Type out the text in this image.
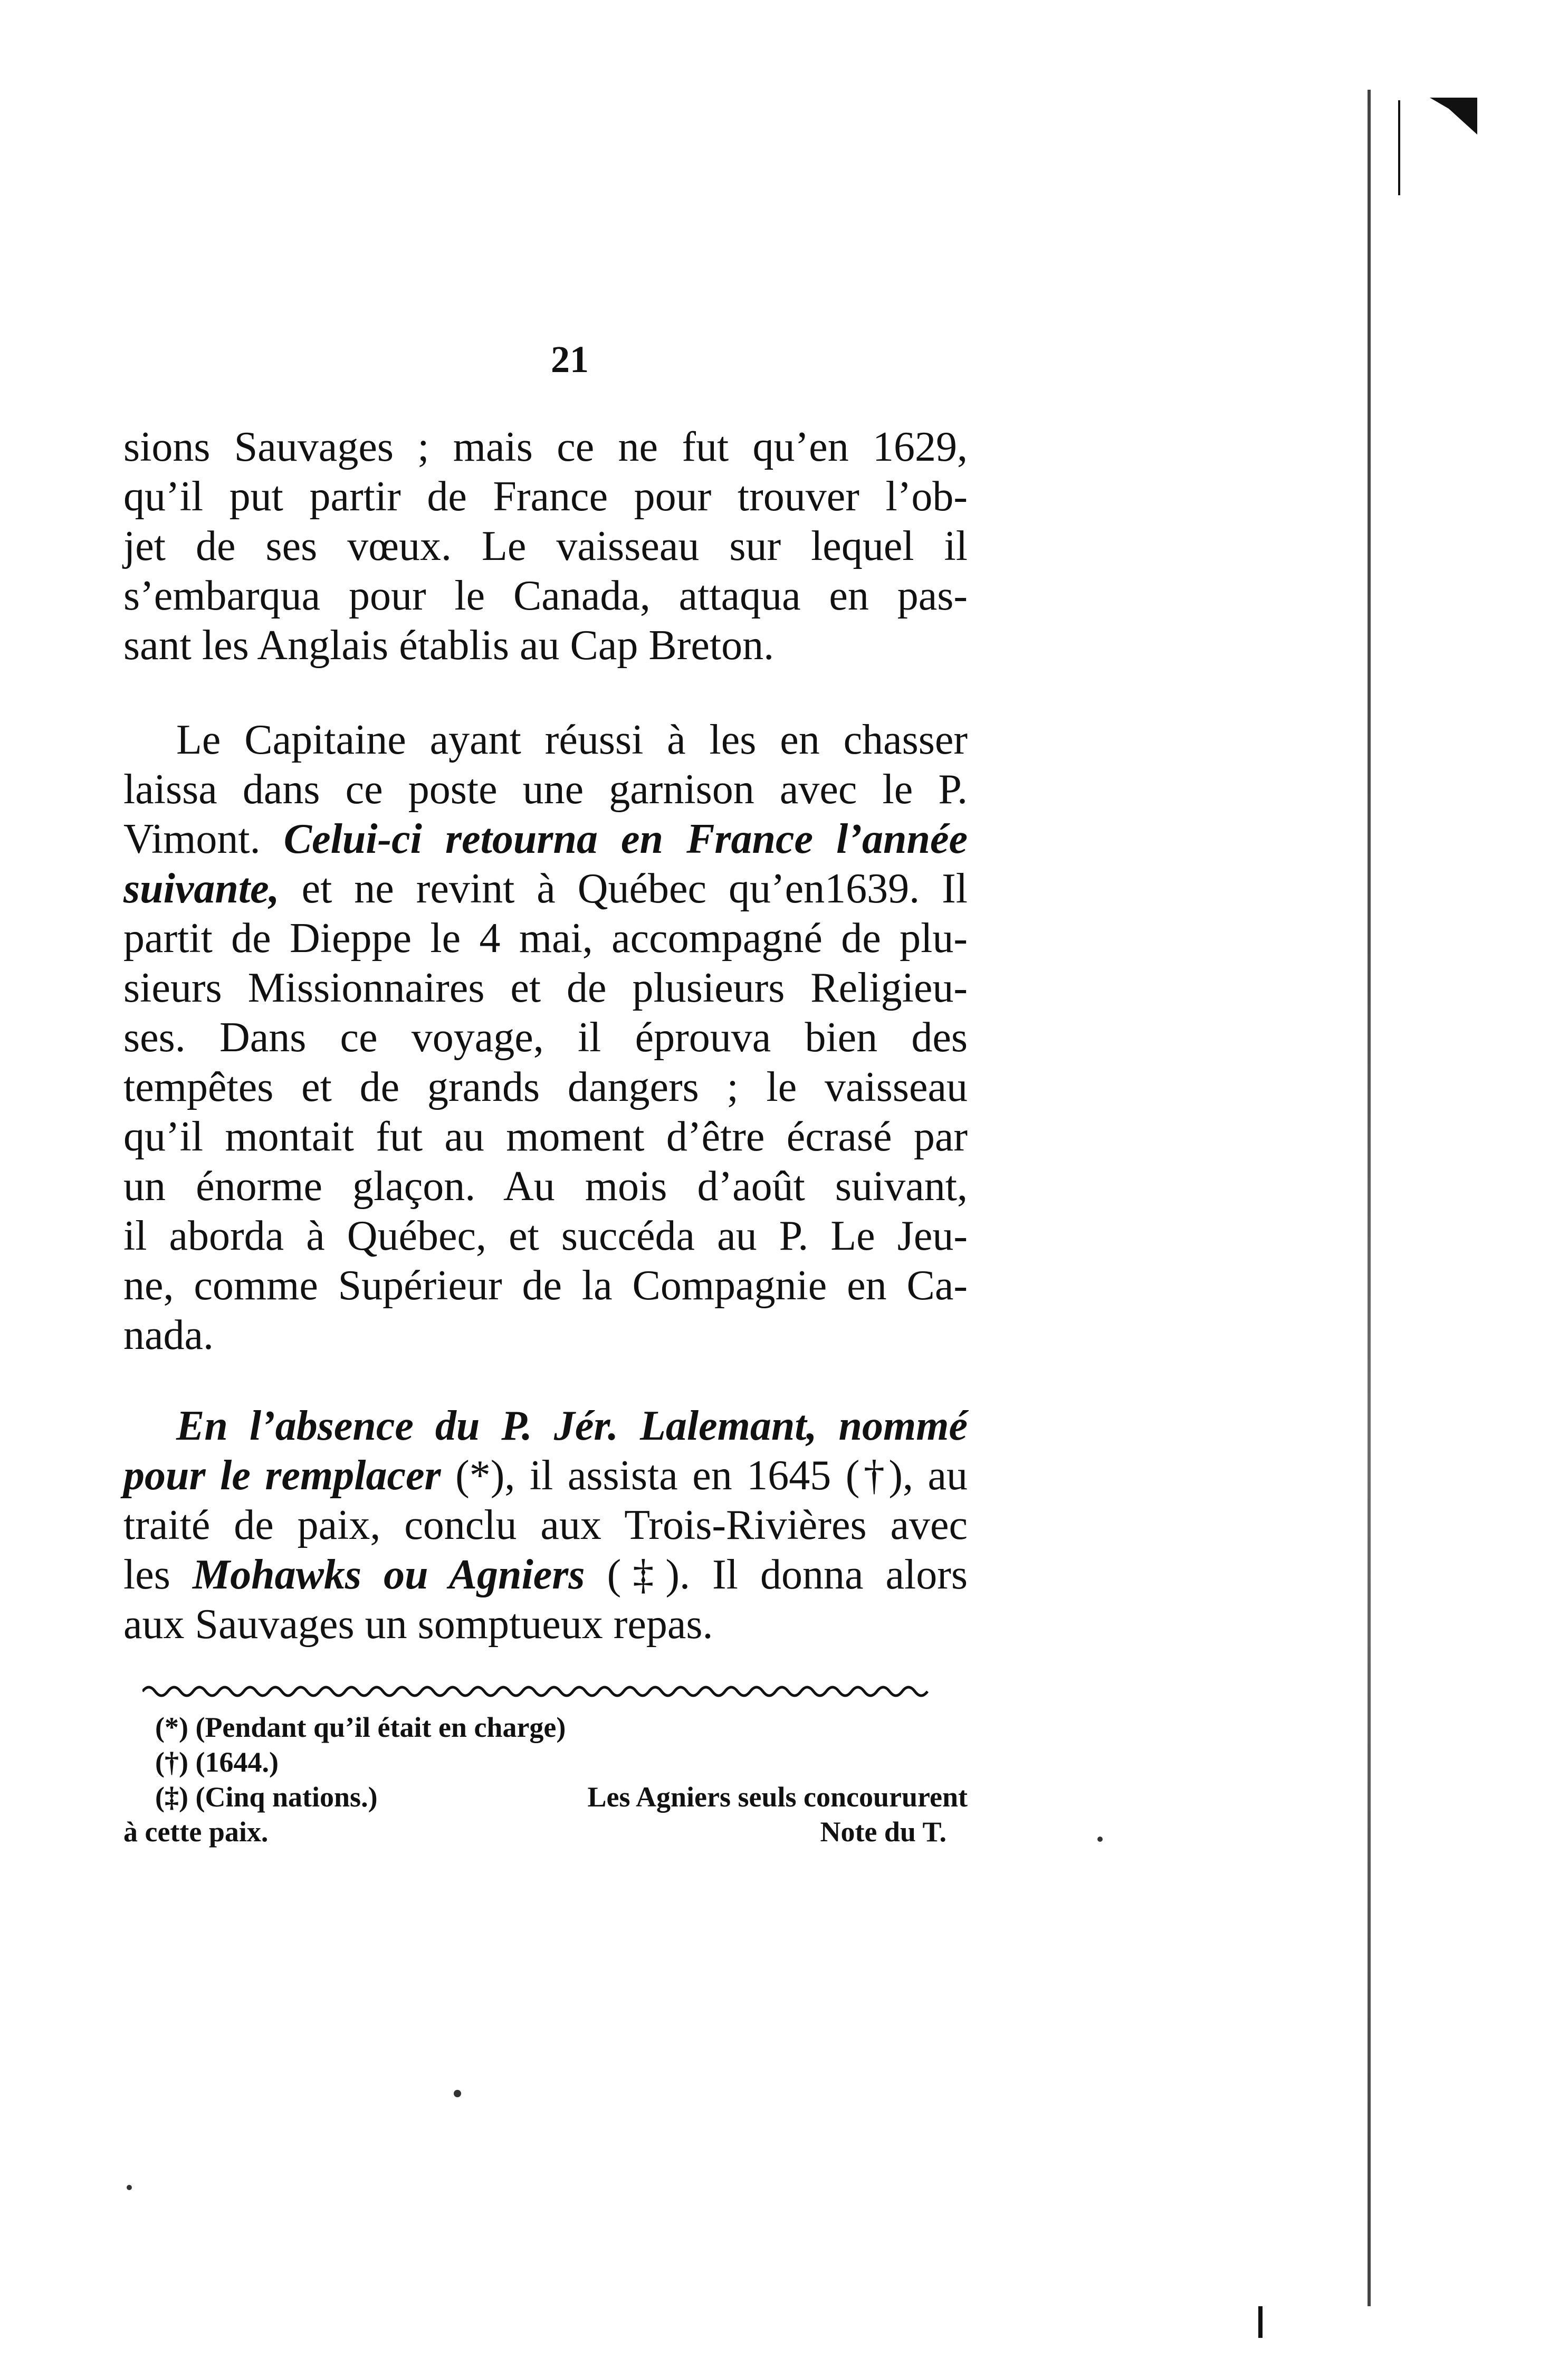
21
sions Sauvages ; mais ce ne fut qu’en 1629,
qu’il put partir de France pour trouver l’ob-
jet de ses vœux. Le vaisseau sur lequel il
s’embarqua pour le Canada, attaqua en pas-
sant les Anglais établis au Cap Breton.
Le Capitaine ayant réussi à les en chasser
laissa dans ce poste une garnison avec le P.
Vimont. Celui-ci retourna en France l’année
suivante, et ne revint à Québec qu’en1639. Il
partit de Dieppe le 4 mai, accompagné de plu-
sieurs Missionnaires et de plusieurs Religieu-
ses. Dans ce voyage, il éprouva bien des
tempêtes et de grands dangers ; le vaisseau
qu’il montait fut au moment d’être écrasé par
un énorme glaçon. Au mois d’août suivant,
il aborda à Québec, et succéda au P. Le Jeu-
ne, comme Supérieur de la Compagnie en Ca-
nada.
En l’absence du P. Jér. Lalemant, nommé
pour le remplacer (*), il assista en 1645 (†), au
traité de paix, conclu aux Trois-Rivières avec
les Mohawks ou Agniers (‡). Il donna alors
aux Sauvages un somptueux repas.
(*) (Pendant qu’il était en charge)
(†) (1644.)
(‡) (Cinq nations.)	Les Agniers seuls concoururent
à cette paix.	Note du T.
